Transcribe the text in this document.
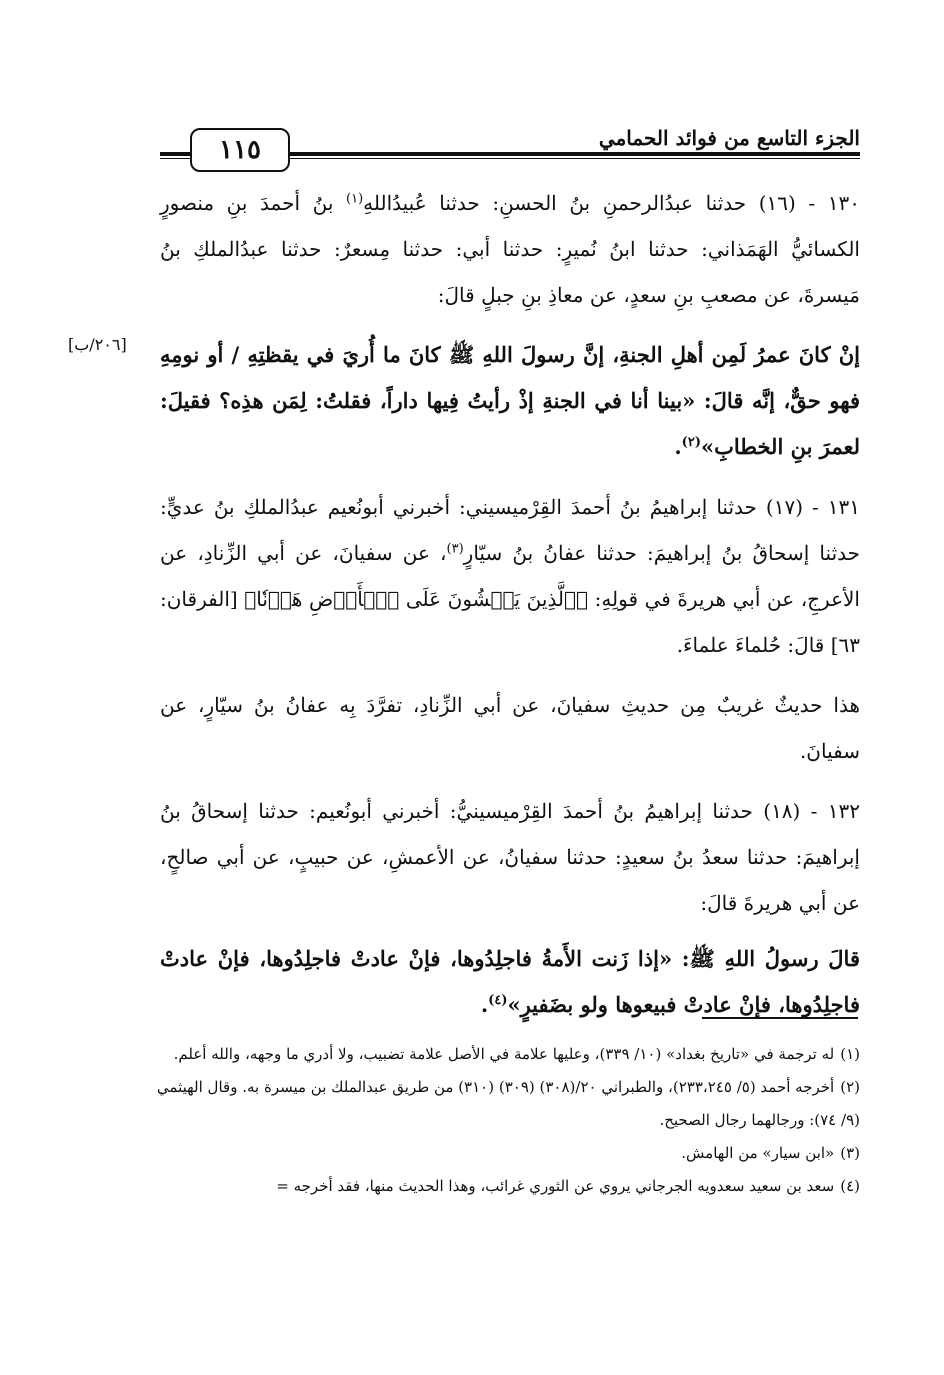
الجزء التاسع من فوائد الحمامي
١١٥
[٢٠٦/ب]

١٣٠ - (١٦) حدثنا عبدُالرحمنِ بنُ الحسنِ: حدثنا عُبيدُاللهِ$^{(١)}$ بنُ أحمدَ بنِ منصورٍ الكسائيُّ الهَمَذاني: حدثنا ابنُ نُميرٍ: حدثنا أبي: حدثنا مِسعرٌ: حدثنا عبدُالملكِ بنُ مَيسرةَ، عن مصعبِ بنِ سعدٍ، عن معاذِ بنِ جبلٍ قالَ:

إنْ كانَ عمرُ لَمِن أهلِ الجنةِ، إنَّ رسولَ اللهِ ﷺ كانَ ما أُريَ في يقظتِهِ / أو نومِهِ فهو حقٌّ، إنَّه قالَ: «بينا أنا في الجنةِ إذْ رأيتُ فِيها داراً، فقلتُ: لِمَن هذِه؟ فقيلَ: لعمرَ بنِ الخطابِ»$^{(٢)}$.

١٣١ - (١٧) حدثنا إبراهيمُ بنُ أحمدَ القِرْميسيني: أخبرني أبونُعيم عبدُالملكِ بنُ عديٍّ: حدثنا إسحاقُ بنُ إبراهيمَ: حدثنا عفانُ بنُ سيّارٍ$^{(٣)}$، عن سفيانَ، عن أبي الزِّنادِ، عن الأعرجِ، عن أبي هريرةَ في قولِهِ: ﴿ٱلَّذِينَ يَمۡشُونَ عَلَى ٱلۡأَرۡضِ هَوۡنٗا﴾ [الفرقان: ٦٣] قالَ: حُلماءَ علماءَ.

هذا حديثٌ غريبٌ مِن حديثِ سفيانَ، عن أبي الزِّنادِ، تفرَّدَ بِه عفانُ بنُ سيّارٍ، عن سفيانَ.

١٣٢ - (١٨) حدثنا إبراهيمُ بنُ أحمدَ القِرْميسينيُّ: أخبرني أبونُعيم: حدثنا إسحاقُ بنُ إبراهيمَ: حدثنا سعدُ بنُ سعيدٍ: حدثنا سفيانُ، عن الأعمشِ، عن حبيبٍ، عن أبي صالحٍ، عن أبي هريرةَ قالَ:

قالَ رسولُ اللهِ ﷺ: «إذا زَنت الأَمةُ فاجلِدُوها، فإنْ عادتْ فاجلِدُوها، فإنْ عادتْ فاجلِدُوها، فإنْ عادتْ فبيعوها ولو بضَفيرٍ»$^{(٤)}$.

(١)له ترجمة في «تاريخ بغداد» (١٠/ ٣٣٩)، وعليها علامة في الأصل علامة تضبيب، ولا أدري ما وجهه، والله أعلم.

(٢)أخرجه أحمد (٥/ ٢٣٣،٢٤٥)، والطبراني ٢٠/(٣٠٨) (٣٠٩) (٣١٠) من طريق عبدالملك بن ميسرة به. وقال الهيثمي (٩/ ٧٤): ورجالهما رجال الصحيح.

(٣)«ابن سيار» من الهامش.

(٤)سعد بن سعيد سعدويه الجرجاني يروي عن الثوري غرائب، وهذا الحديث منها، فقد أخرجه =
